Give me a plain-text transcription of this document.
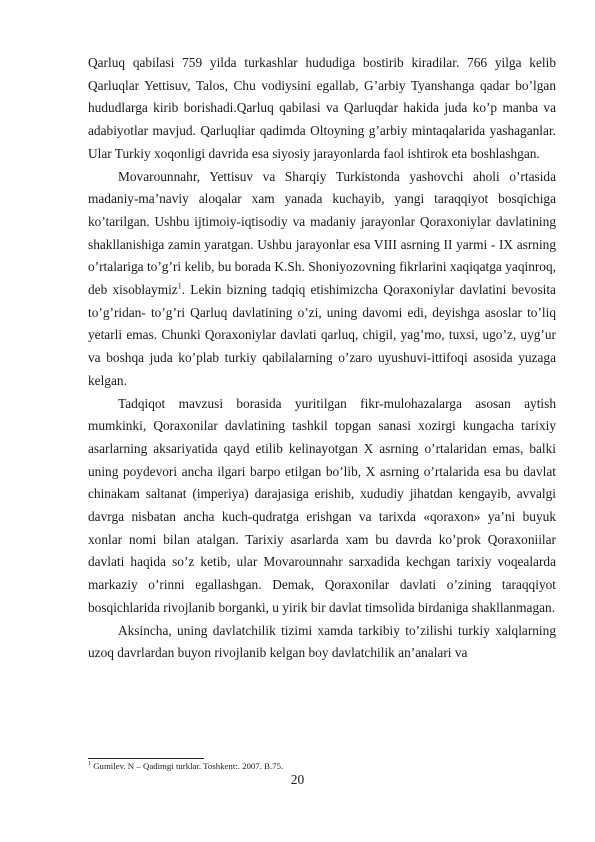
Qarluq qabilasi 759 yilda turkashlar hududiga bostirib kiradilar. 766 yilga kelib Qarluqlar Yettisuv, Talos, Chu vodiysini egallab, G’arbiy Tyanshanga qadar bo’lgan hududlarga kirib borishadi.Qarluq qabilasi va Qarluqdar hakida juda ko’p manba va adabiyotlar mavjud. Qarluqliar qadimda Oltoyning g’arbiy mintaqalarida yashaganlar. Ular Turkiy xoqonligi davrida esa siyosiy jarayonlarda faol ishtirok eta boshlashgan.

Movarounnahr, Yettisuv va Sharqiy Turkistonda yashovchi aholi o’rtasida madaniy-ma’naviy aloqalar xam yanada kuchayib, yangi taraqqiyot bosqichiga ko’tarilgan. Ushbu ijtimoiy-iqtisodiy va madaniy jarayonlar Qoraxoniylar davlatining shakllanishiga zamin yaratgan. Ushbu jarayonlar esa VIII asrning II yarmi - IX asrning o’rtalariga to’g’ri kelib, bu borada K.Sh. Shoniyozovning fikrlarini xaqiqatga yaqinroq, deb xisoblaymiz$^1$. Lekin bizning tadqiq etishimizcha Qoraxoniylar davlatini bevosita to’g’ridan- to’g’ri Qarluq davlatining o’zi, uning davomi edi, deyishga asoslar to’liq yetarli emas. Chunki Qoraxoniylar davlati qarluq, chigil, yag’mo, tuxsi, ugo’z, uyg’ur va boshqa juda ko’plab turkiy qabilalarning o’zaro uyushuvi-ittifoqi asosida yuzaga kelgan.

Tadqiqot mavzusi borasida yuritilgan fikr-mulohazalarga asosan aytish mumkinki, Qoraxonilar davlatining tashkil topgan sanasi xozirgi kungacha tarixiy asarlarning aksariyatida qayd etilib kelinayotgan X asrning o’rtalaridan emas, balki uning poydevori ancha ilgari barpo etilgan bo’lib, X asrning o’rtalarida esa bu davlat chinakam saltanat (imperiya) darajasiga erishib, xududiy jihatdan kengayib, avvalgi davrga nisbatan ancha kuch-qudratga erishgan va tarixda «qoraxon» ya’ni buyuk xonlar nomi bilan atalgan. Tarixiy asarlarda xam bu davrda ko’prok Qoraxoniilar davlati haqida so’z ketib, ular Movarounnahr sarxadida kechgan tarixiy voqealarda markaziy o’rinni egallashgan. Demak, Qoraxonilar davlati o’zining taraqqiyot bosqichlarida rivojlanib borganki, u yirik bir davlat timsolida birdaniga shakllanmagan.

Aksincha, uning davlatchilik tizimi xamda tarkibiy to’zilishi turkiy xalqlarning uzoq davrlardan buyon rivojlanib kelgan boy davlatchilik an’analari va

$^1$ Gumilev. N – Qadimgi turklar. Toshkent:. 2007. B.75.
20
